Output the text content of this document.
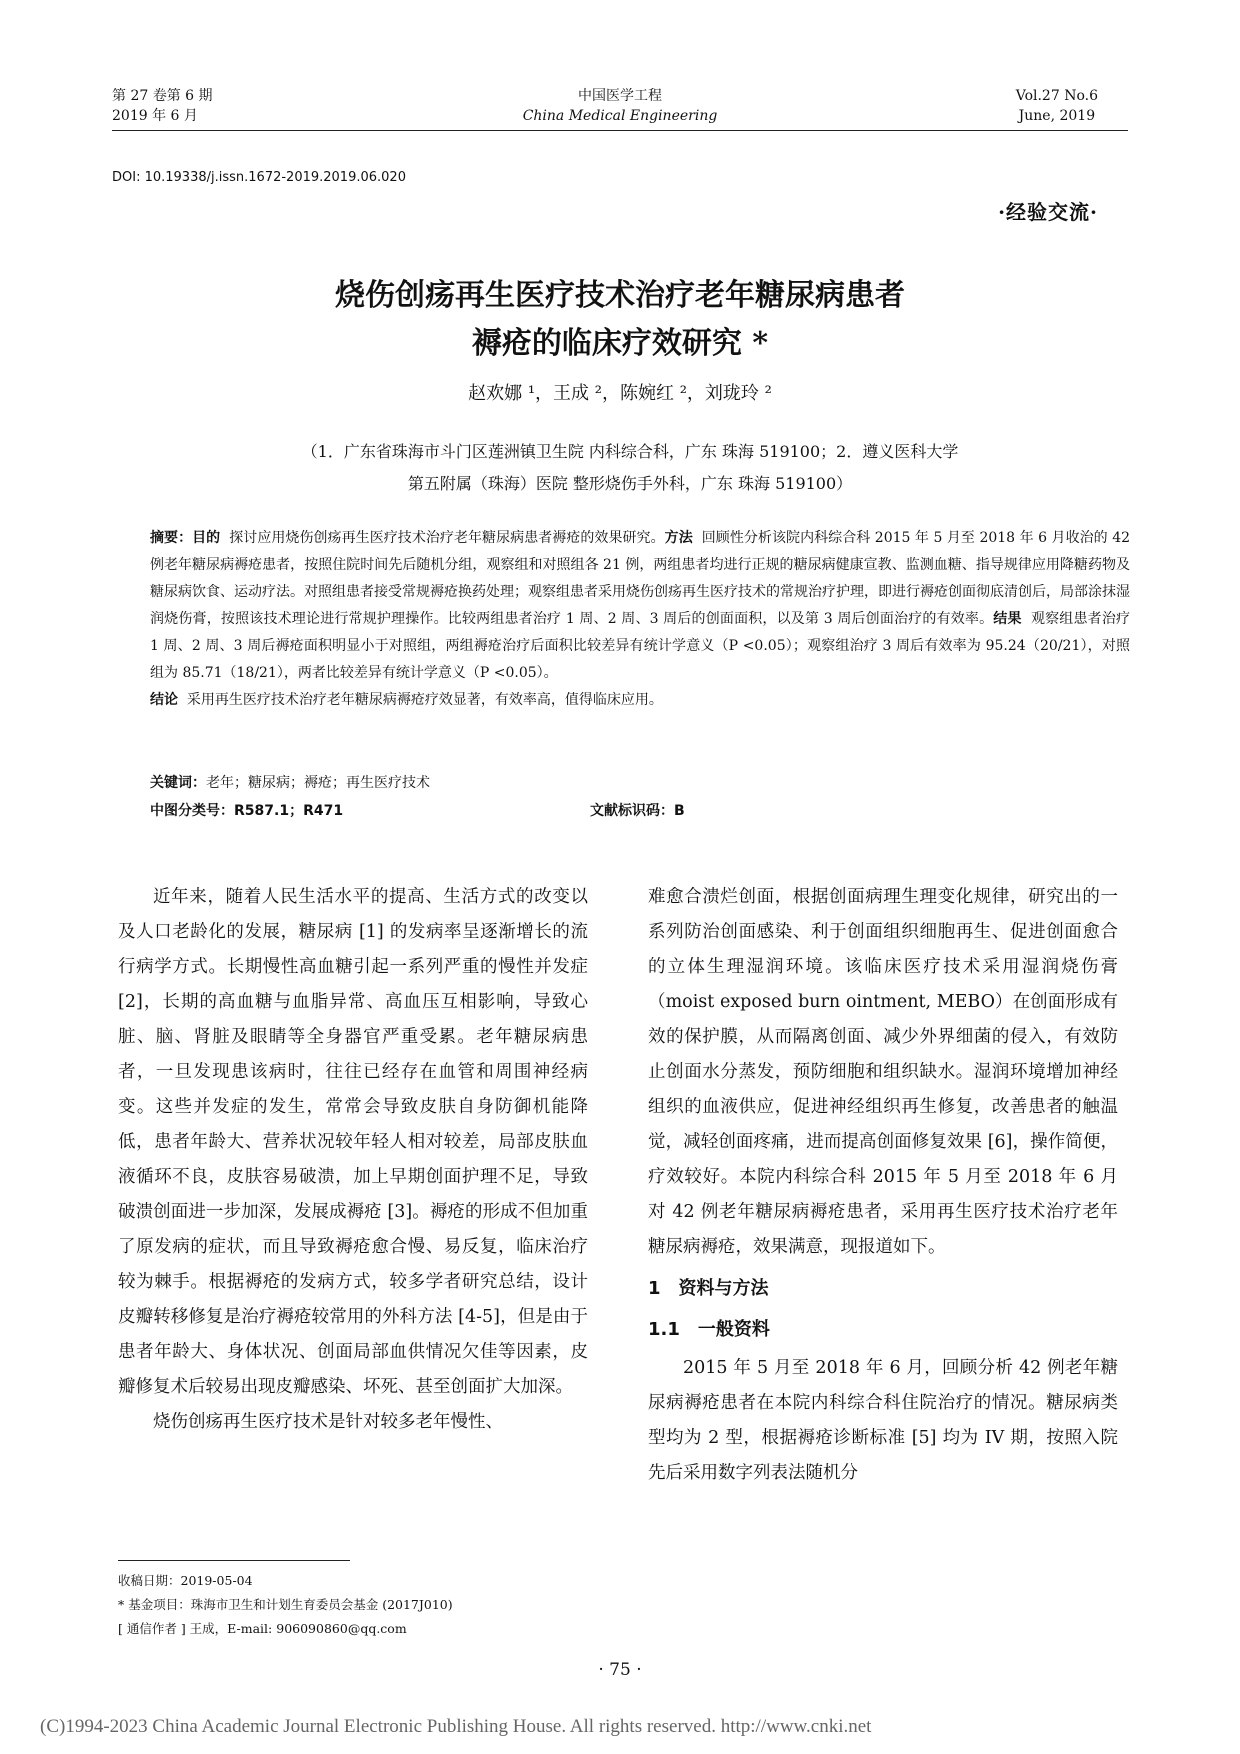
第 27 卷第 6 期
2019 年 6 月
中国医学工程
China Medical Engineering
Vol.27 No.6
June, 2019
DOI: 10.19338/j.issn.1672-2019.2019.06.020
·经验交流·
烧伤创疡再生医疗技术治疗老年糖尿病患者
褥疮的临床疗效研究 *
赵欢娜 ¹，王成 ²，陈婉红 ²，刘珑玲 ²
（1．广东省珠海市斗门区莲洲镇卫生院 内科综合科，广东 珠海 519100；2．遵义医科大学
第五附属（珠海）医院 整形烧伤手外科，广东 珠海 519100）
摘要：目的 探讨应用烧伤创疡再生医疗技术治疗老年糖尿病患者褥疮的效果研究。方法 回顾性分析该院内科综合科 2015 年 5 月至 2018 年 6 月收治的 42 例老年糖尿病褥疮患者，按照住院时间先后随机分组，观察组和对照组各 21 例，两组患者均进行正规的糖尿病健康宣教、监测血糖、指导规律应用降糖药物及糖尿病饮食、运动疗法。对照组患者接受常规褥疮换药处理；观察组患者采用烧伤创疡再生医疗技术的常规治疗护理，即进行褥疮创面彻底清创后，局部涂抹湿润烧伤膏，按照该技术理论进行常规护理操作。比较两组患者治疗 1 周、2 周、3 周后的创面面积，以及第 3 周后创面治疗的有效率。结果 观察组患者治疗 1 周、2 周、3 周后褥疮面积明显小于对照组，两组褥疮治疗后面积比较差异有统计学意义（P <0.05）；观察组治疗 3 周后有效率为 95.24（20/21），对照组为 85.71（18/21），两者比较差异有统计学意义（P <0.05）。
结论 采用再生医疗技术治疗老年糖尿病褥疮疗效显著，有效率高，值得临床应用。
关键词：老年；糖尿病；褥疮；再生医疗技术
中图分类号：R587.1；R471	文献标识码：B

近年来，随着人民生活水平的提高、生活方式的改变以及人口老龄化的发展，糖尿病 [1] 的发病率呈逐渐增长的流行病学方式。长期慢性高血糖引起一系列严重的慢性并发症 [2]，长期的高血糖与血脂异常、高血压互相影响，导致心脏、脑、肾脏及眼睛等全身器官严重受累。老年糖尿病患者，一旦发现患该病时，往往已经存在血管和周围神经病变。这些并发症的发生，常常会导致皮肤自身防御机能降低，患者年龄大、营养状况较年轻人相对较差，局部皮肤血液循环不良，皮肤容易破溃，加上早期创面护理不足，导致破溃创面进一步加深，发展成褥疮 [3]。褥疮的形成不但加重了原发病的症状，而且导致褥疮愈合慢、易反复，临床治疗较为棘手。根据褥疮的发病方式，较多学者研究总结，设计皮瓣转移修复是治疗褥疮较常用的外科方法 [4-5]，但是由于患者年龄大、身体状况、创面局部血供情况欠佳等因素，皮瓣修复术后较易出现皮瓣感染、坏死、甚至创面扩大加深。

烧伤创疡再生医疗技术是针对较多老年慢性、

难愈合溃烂创面，根据创面病理生理变化规律，研究出的一系列防治创面感染、利于创面组织细胞再生、促进创面愈合的立体生理湿润环境。该临床医疗技术采用湿润烧伤膏（moist exposed burn ointment, MEBO）在创面形成有效的保护膜，从而隔离创面、减少外界细菌的侵入，有效防止创面水分蒸发，预防细胞和组织缺水。湿润环境增加神经组织的血液供应，促进神经组织再生修复，改善患者的触温觉，减轻创面疼痛，进而提高创面修复效果 [6]，操作简便，疗效较好。本院内科综合科 2015 年 5 月至 2018 年 6 月对 42 例老年糖尿病褥疮患者，采用再生医疗技术治疗老年糖尿病褥疮，效果满意，现报道如下。

1　资料与方法

1.1　一般资料

2015 年 5 月至 2018 年 6 月，回顾分析 42 例老年糖尿病褥疮患者在本院内科综合科住院治疗的情况。糖尿病类型均为 2 型，根据褥疮诊断标准 [5] 均为 IV 期，按照入院先后采用数字列表法随机分

收稿日期：2019-05-04
* 基金项目：珠海市卫生和计划生育委员会基金 (2017J010)
[ 通信作者 ] 王成，E-mail: 906090860@qq.com
· 75 ·
(C)1994-2023 China Academic Journal Electronic Publishing House. All rights reserved. http://www.cnki.net
